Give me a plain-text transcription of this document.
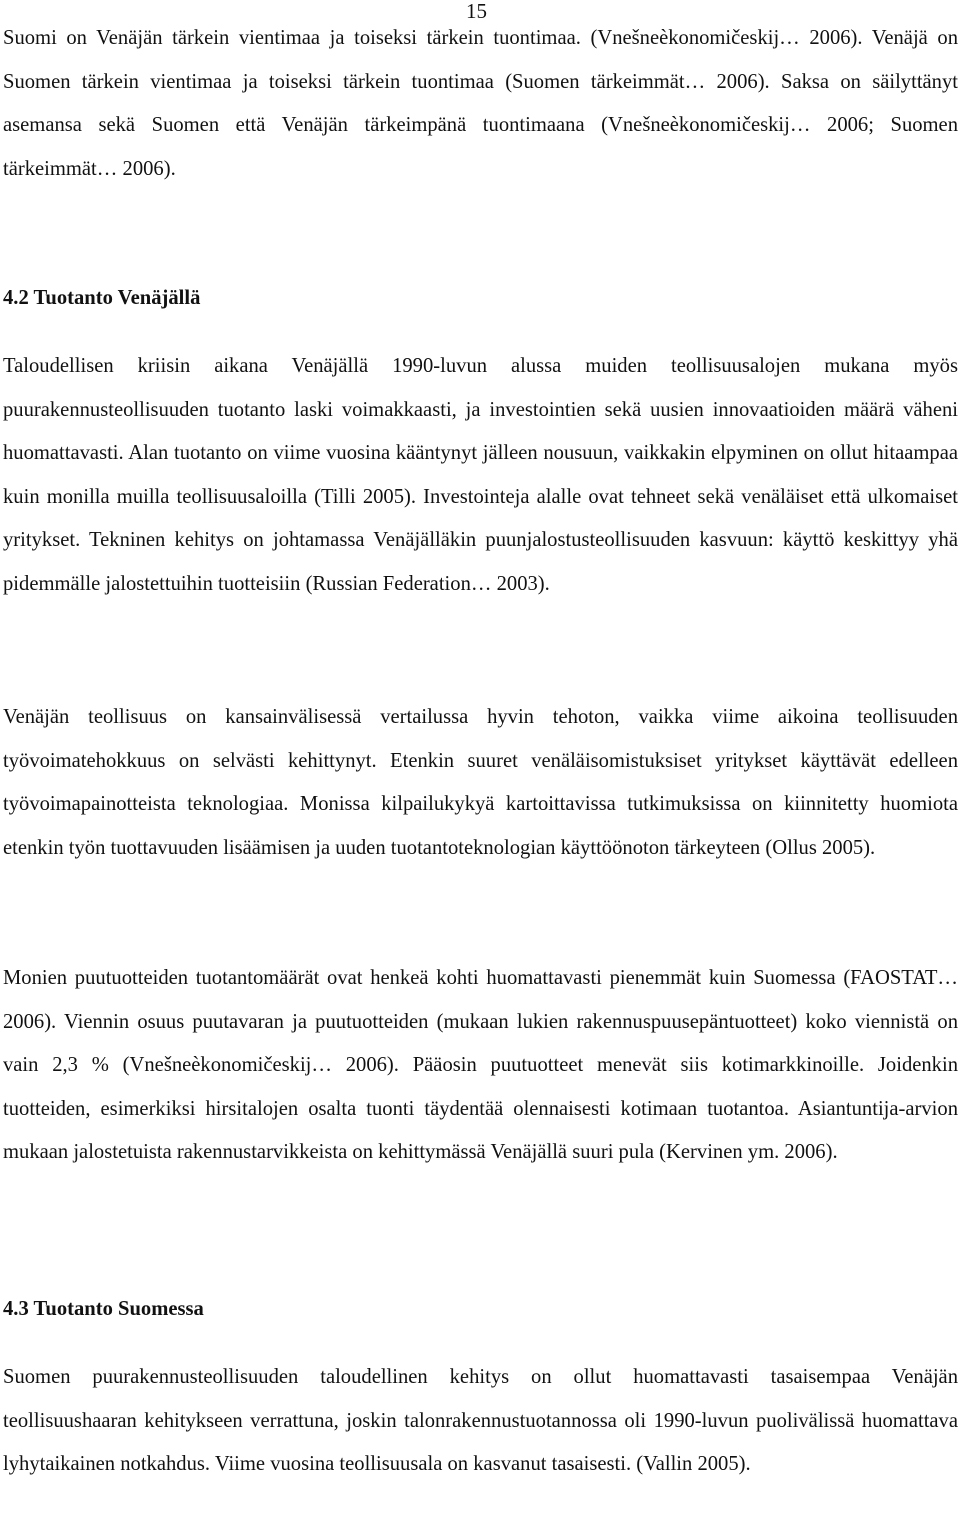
15

Suomi on Venäjän tärkein vientimaa ja toiseksi tärkein tuontimaa. (Vnešneèkonomičeskij… 2006). Venäjä on Suomen tärkein vientimaa ja toiseksi tärkein tuontimaa (Suomen tärkeimmät… 2006). Saksa on säilyttänyt asemansa sekä Suomen että Venäjän tärkeimpänä tuontimaana (Vnešneèkonomičeskij… 2006; Suomen tärkeimmät… 2006).

4.2 Tuotanto Venäjällä

Taloudellisen kriisin aikana Venäjällä 1990-luvun alussa muiden teollisuusalojen mukana myös puurakennusteollisuuden tuotanto laski voimakkaasti, ja investointien sekä uusien innovaatioiden määrä väheni huomattavasti. Alan tuotanto on viime vuosina kääntynyt jälleen nousuun, vaikkakin elpyminen on ollut hitaampaa kuin monilla muilla teollisuusaloilla (Tilli 2005). Investointeja alalle ovat tehneet sekä venäläiset että ulkomaiset yritykset. Tekninen kehitys on johtamassa Venäjälläkin puunjalostusteollisuuden kasvuun: käyttö keskittyy yhä pidemmälle jalostettuihin tuotteisiin (Russian Federation… 2003).

Venäjän teollisuus on kansainvälisessä vertailussa hyvin tehoton, vaikka viime aikoina teollisuuden työvoimatehokkuus on selvästi kehittynyt. Etenkin suuret venäläisomistuksiset yritykset käyttävät edelleen työvoimapainotteista teknologiaa. Monissa kilpailukykyä kartoittavissa tutkimuksissa on kiinnitetty huomiota etenkin työn tuottavuuden lisäämisen ja uuden tuotantoteknologian käyttöönoton tärkeyteen (Ollus 2005).

Monien puutuotteiden tuotantomäärät ovat henkeä kohti huomattavasti pienemmät kuin Suomessa (FAOSTAT… 2006). Viennin osuus puutavaran ja puutuotteiden (mukaan lukien rakennuspuusepäntuotteet) koko viennistä on vain 2,3 % (Vnešneèkonomičeskij… 2006). Pääosin puutuotteet menevät siis kotimarkkinoille. Joidenkin tuotteiden, esimerkiksi hirsitalojen osalta tuonti täydentää olennaisesti kotimaan tuotantoa. Asiantuntija-arvion mukaan jalostetuista rakennustarvikkeista on kehittymässä Venäjällä suuri pula (Kervinen ym. 2006).

4.3 Tuotanto Suomessa

Suomen puurakennusteollisuuden taloudellinen kehitys on ollut huomattavasti tasaisempaa Venäjän teollisuushaaran kehitykseen verrattuna, joskin talonrakennustuotannossa oli 1990-luvun puolivälissä huomattava lyhytaikainen notkahdus. Viime vuosina teollisuusala on kasvanut tasaisesti. (Vallin 2005).
